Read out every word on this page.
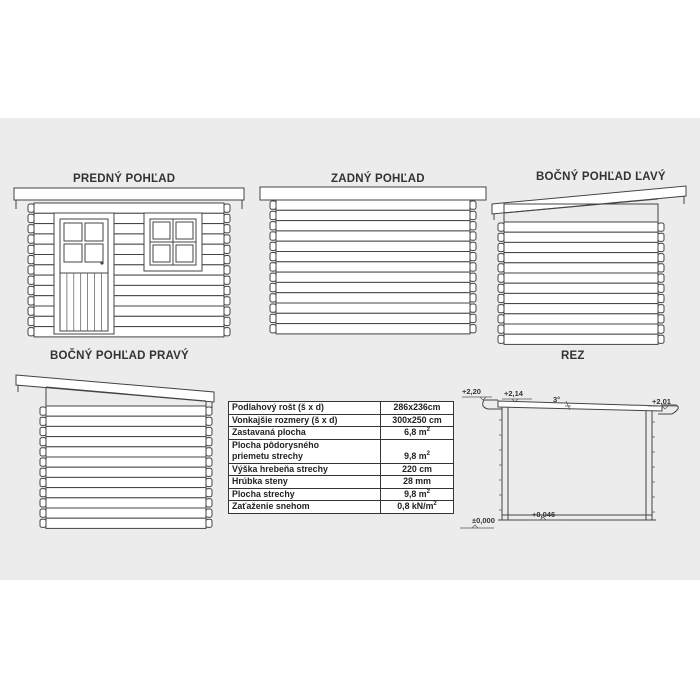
PREDNÝ POHĽAD	ZADNÝ POHĽAD	BOČNÝ POHĽAD ĽAVÝ
BOČNÝ POHĽAD PRAVÝ	REZ
Podlahový rošt (š x d)	286x236cm
Vonkajšie rozmery (š x d)	300x250 cm
Zastavaná plocha	6,8 $m^2$
Plocha pôdorysného
priemetu strechy	9,8 $m^2$
Výška hrebeňa strechy	220 cm
Hrúbka steny	28 mm
Plocha strechy	9,8 $m^2$
Zaťaženie snehom	0,8 $kN/m^2$
+2,20	+2,14
3°	+2,01
±0,000
+0,046
